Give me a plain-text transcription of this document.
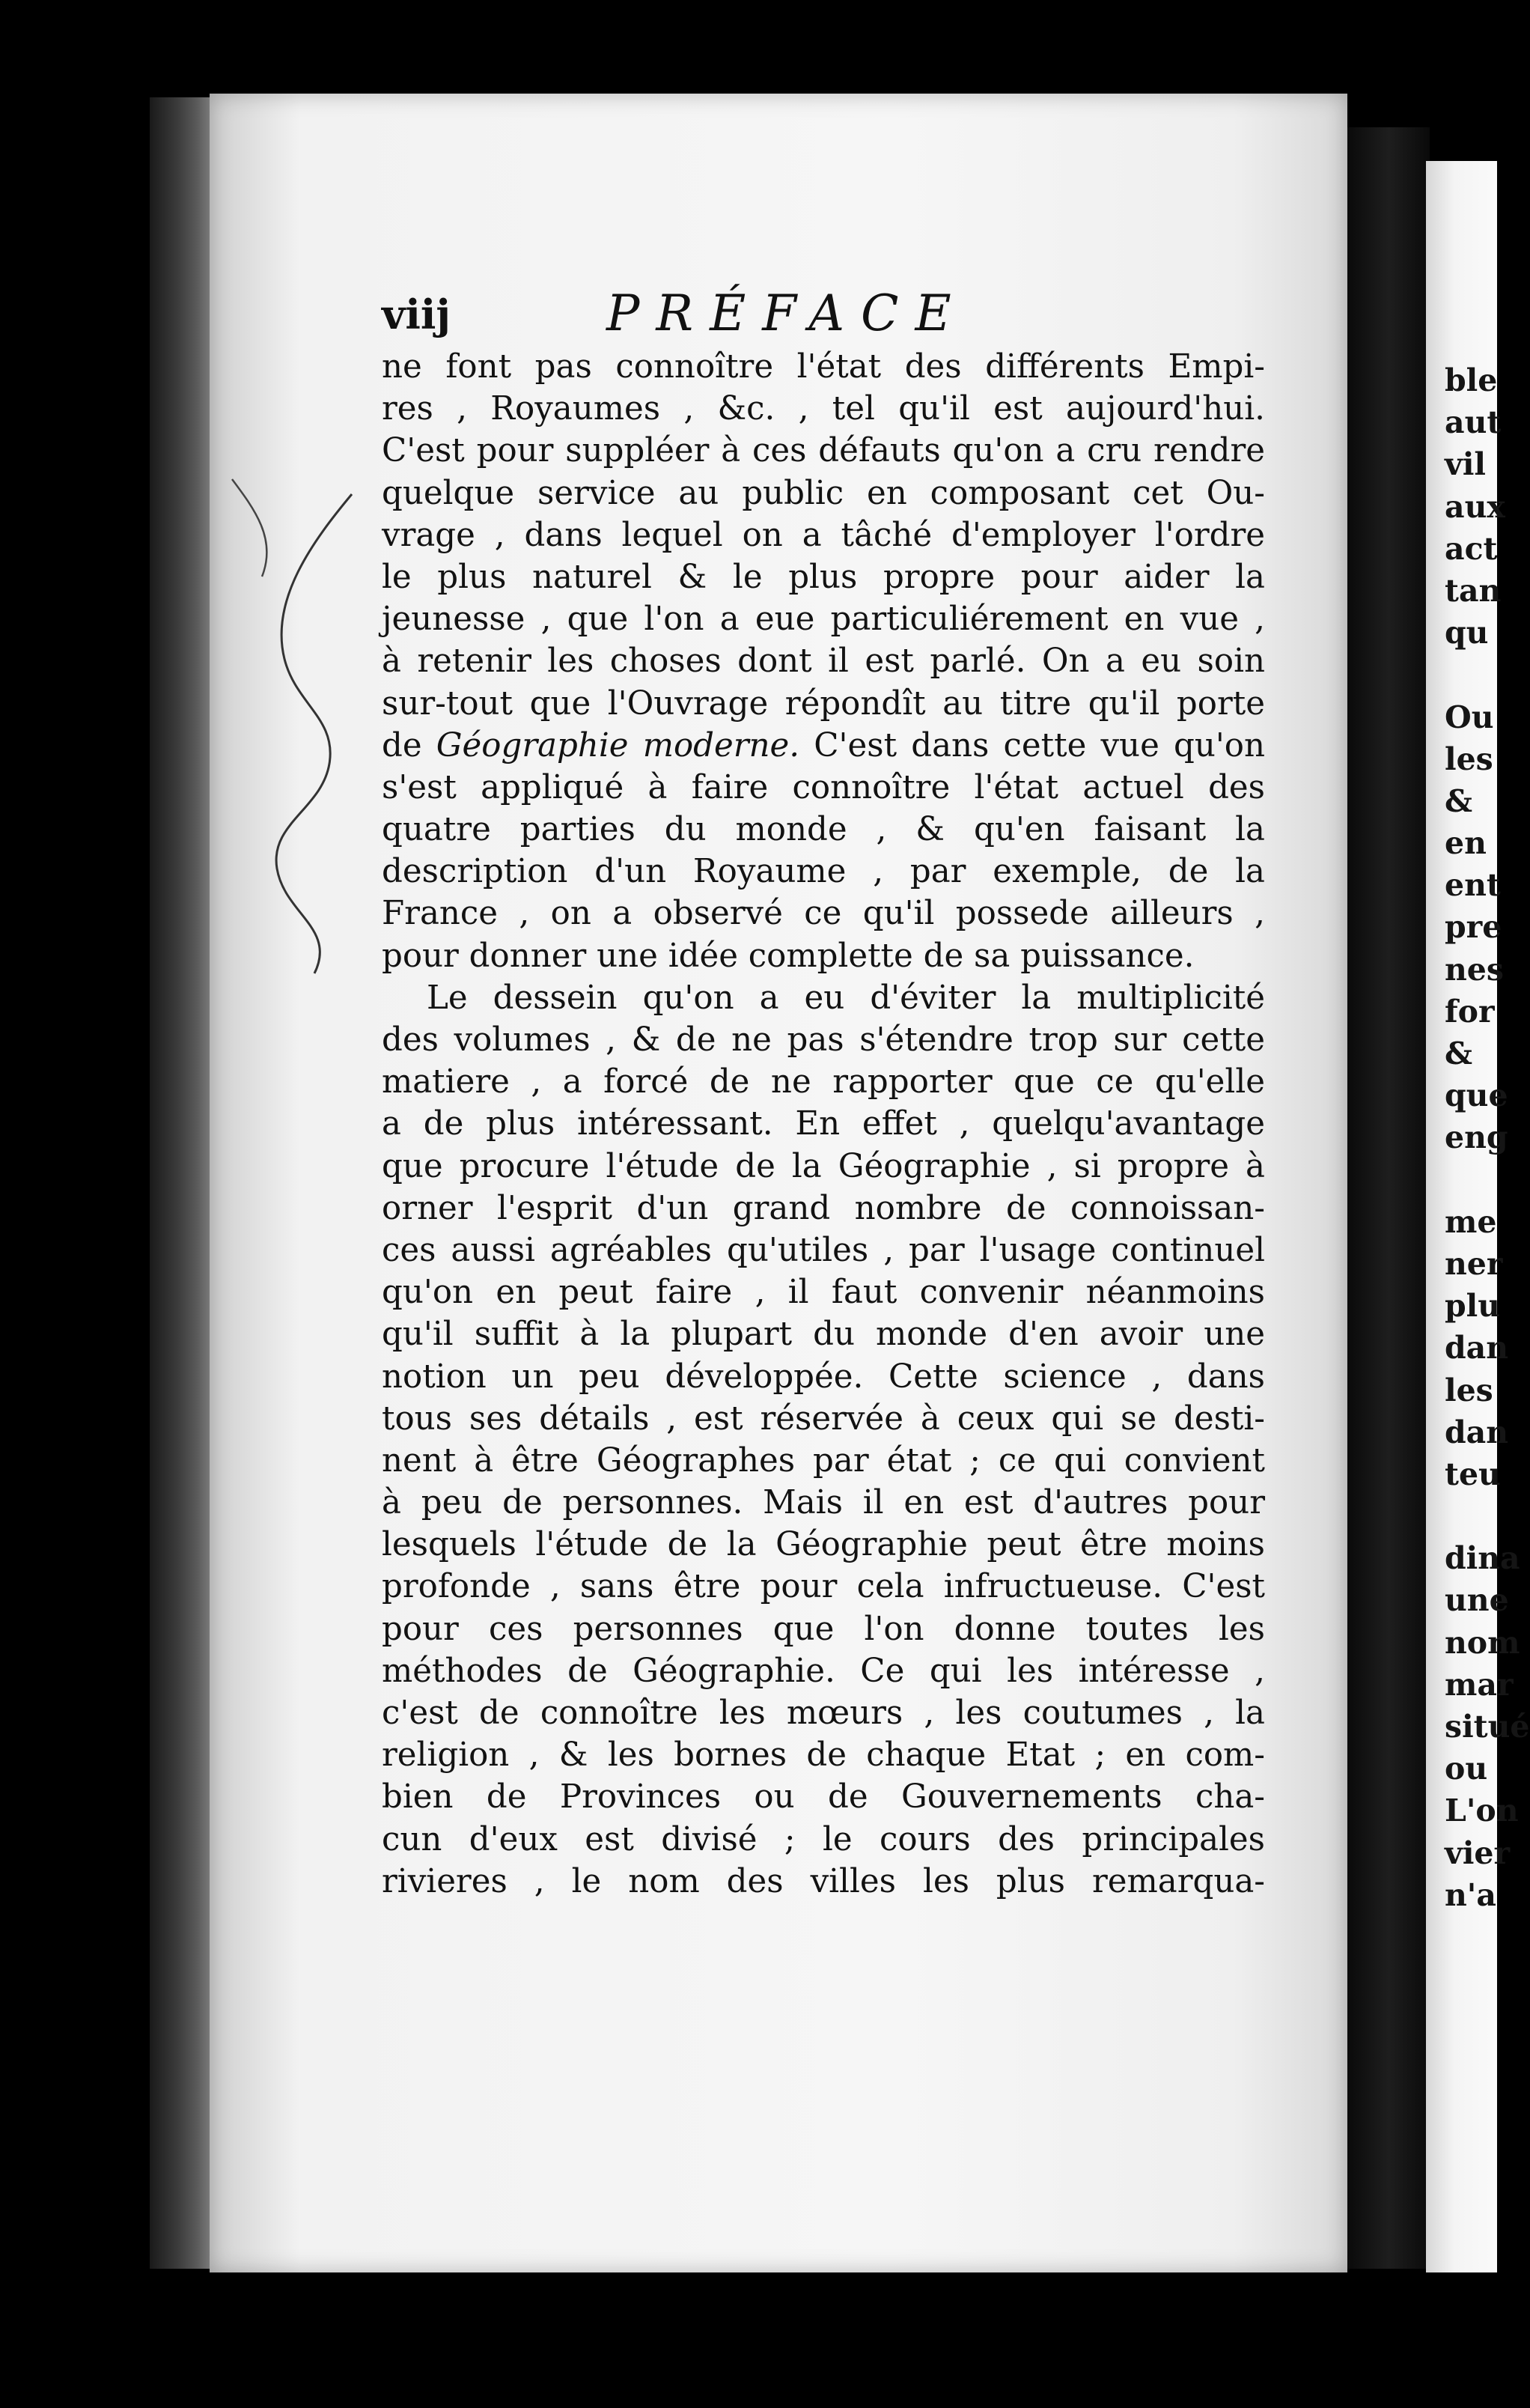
viij	PRÉFACE
ne font pas connoître l'état des différents Empi-
res , Royaumes , &c. , tel qu'il est aujourd'hui.
C'est pour suppléer à ces défauts qu'on a cru rendre
quelque service au public en composant cet Ou-
vrage , dans lequel on a tâché d'employer l'ordre
le plus naturel & le plus propre pour aider la
jeunesse , que l'on a eue particuliérement en vue ,
à retenir les choses dont il est parlé. On a eu soin
sur-tout que l'Ouvrage répondît au titre qu'il porte
de Géographie moderne. C'est dans cette vue qu'on
s'est appliqué à faire connoître l'état actuel des
quatre parties du monde , & qu'en faisant la
description d'un Royaume , par exemple, de la
France , on a observé ce qu'il possede ailleurs ,
pour donner une idée complette de sa puissance.
Le dessein qu'on a eu d'éviter la multiplicité
des volumes , & de ne pas s'étendre trop sur cette
matiere , a forcé de ne rapporter que ce qu'elle
a de plus intéressant. En effet , quelqu'avantage
que procure l'étude de la Géographie , si propre à
orner l'esprit d'un grand nombre de connoissan-
ces aussi agréables qu'utiles , par l'usage continuel
qu'on en peut faire , il faut convenir néanmoins
qu'il suffit à la plupart du monde d'en avoir une
notion un peu développée. Cette science , dans
tous ses détails , est réservée à ceux qui se desti-
nent à être Géographes par état ; ce qui convient
à peu de personnes. Mais il en est d'autres pour
lesquels l'étude de la Géographie peut être moins
profonde , sans être pour cela infructueuse. C'est
pour ces personnes que l'on donne toutes les
méthodes de Géographie. Ce qui les intéresse ,
c'est de connoître les mœurs , les coutumes , la
religion , & les bornes de chaque Etat ; en com-
bien de Provinces ou de Gouvernements cha-
cun d'eux est divisé ; le cours des principales
rivieres , le nom des villes les plus remarqua-
ble
aut
vil
aux
act
tan
qu
Ou
les
&
en
ent
pre
nes
for
&
que
eng
me
ner
plu
dan
les
dan
teu
dina
une
nom
mar
situé
ou
L'on
vier
n'a
